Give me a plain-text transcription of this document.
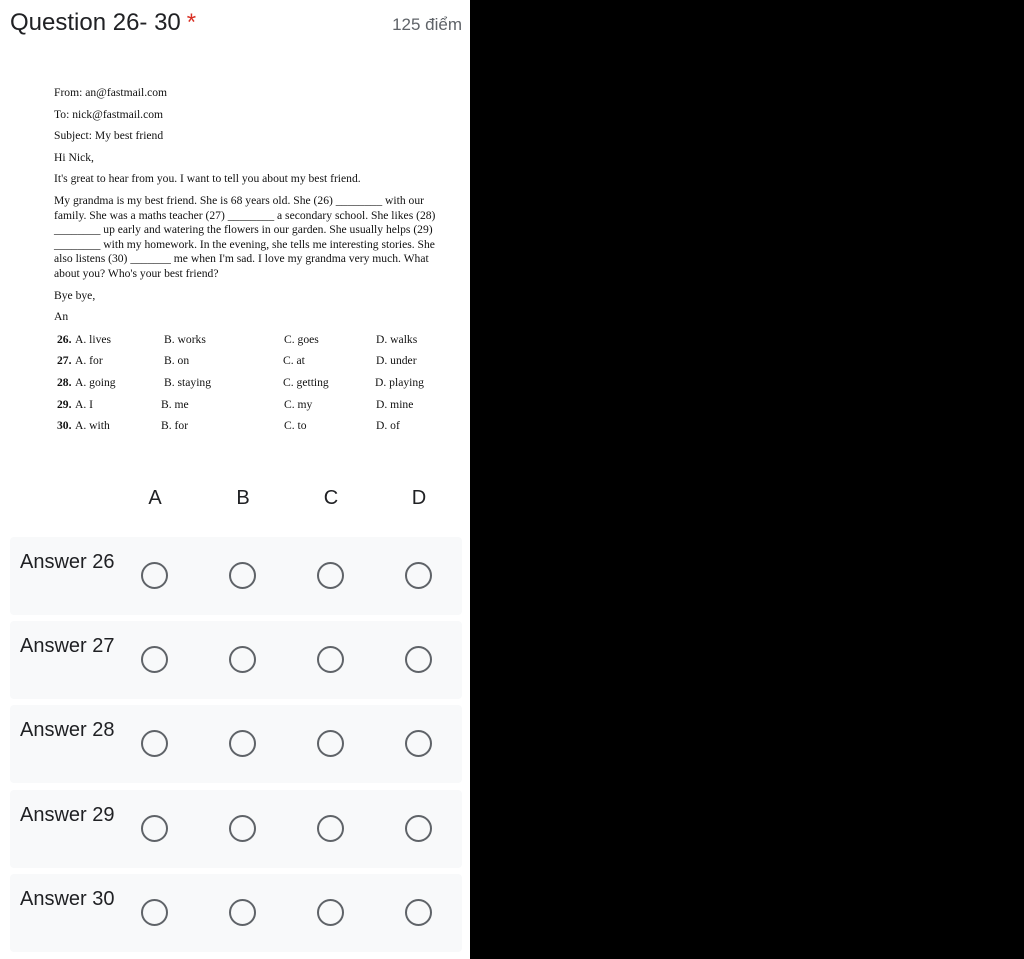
Question 26- 30 *	125 điểm

From: an@fastmail.com

To: nick@fastmail.com

Subject: My best friend

Hi Nick,

It's great to hear from you. I want to tell you about my best friend.

My grandma is my best friend. She is 68 years old. She (26) ________ with our
family. She was a maths teacher (27) ________ a secondary school. She likes (28)
________ up early and watering the flowers in our garden. She usually helps (29)
________ with my homework. In the evening, she tells me interesting stories. She
also listens (30) _______ me when I'm sad. I love my grandma very much. What
about you? Who's your best friend?

Bye bye,

An

26. A. lives	B. works	C. goes	D. walks
27. A. for	B. on	C. at	D. under
28. A. going	B. staying	C. getting	D. playing
29. A. I	B. me	C. my	D. mine
30. A. with	B. for	C. to	D. of
A	B	C	D
Answer 26
Answer 27
Answer 28
Answer 29
Answer 30
